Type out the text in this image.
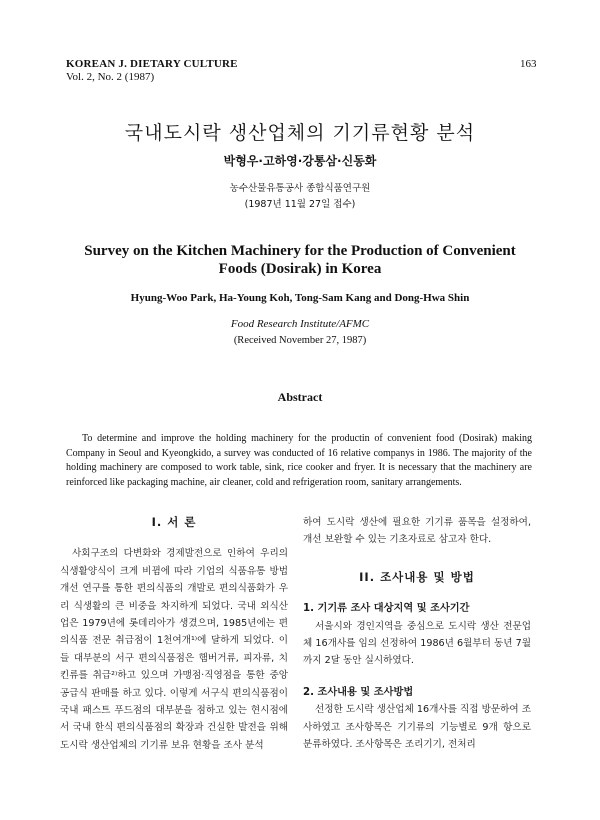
KOREAN J. DIETARY CULTURE
Vol. 2, No. 2 (1987)
163
국내도시락 생산업체의 기기류현황 분석
박형우·고하영·강통삼·신동화
농수산물유통공사 종합식품연구원
(1987년 11월 27일 접수)
Survey on the Kitchen Machinery for the Production of Convenient
Foods (Dosirak) in Korea
Hyung-Woo Park, Ha-Young Koh, Tong-Sam Kang and Dong-Hwa Shin
Food Research Institute/AFMC
(Received November 27, 1987)
Abstract

To determine and improve the holding machinery for the productin of convenient food (Dosirak) making Company in Seoul and Kyeongkido, a survey was conducted of 16 relative companys in 1986. The majority of the holding machinery are composed to work table, sink, rice cooker and fryer. It is necessary that the machinery are reinforced like packaging machine, air cleaner, cold and refrigeration room, sanitary arrangements.

I. 서 론

사회구조의 다변화와 경제발전으로 인하여 우리의 식생활양식이 크게 비뀜에 따라 기업의 식품유통 방법 개선 연구를 통한 편의식품의 개발로 편의식품화가 우리 식생활의 큰 비중을 차지하게 되었다. 국내 외식산업은 1979년에 롯데리아가 생겼으며, 1985년에는 편의식품 전문 취급점이 1천여개¹⁾에 달하게 되었다. 이들 대부분의 서구 편의식품점은 햄버거류, 피자류, 치킨류를 취급²⁾하고 있으며 가맹점·직영점을 통한 중앙 공급식 판매를 하고 있다. 이렇게 서구식 편의식품점이 국내 패스트 푸드점의 대부분을 점하고 있는 현시점에서 국내 한식 편의식품점의 확장과 건실한 발전을 위해 도시락 생산업체의 기기류 보유 현황을 조사 분석

하여 도시락 생산에 필요한 기기류 품목을 설정하여, 개선 보완할 수 있는 기초자료로 삼고자 한다.

II. 조사내용 및 방법
1. 기기류 조사 대상지역 및 조사기간

서울시와 경인지역을 중심으로 도시락 생산 전문업체 16개사를 임의 선정하여 1986년 6월부터 동년 7월까지 2달 동안 실시하였다.

2. 조사내용 및 조사방법

선정한 도시락 생산업체 16개사를 직접 방문하여 조사하였고 조사항목은 기기류의 기능별로 9개 항으로 분류하였다. 조사항목은 조리기기, 전처리
